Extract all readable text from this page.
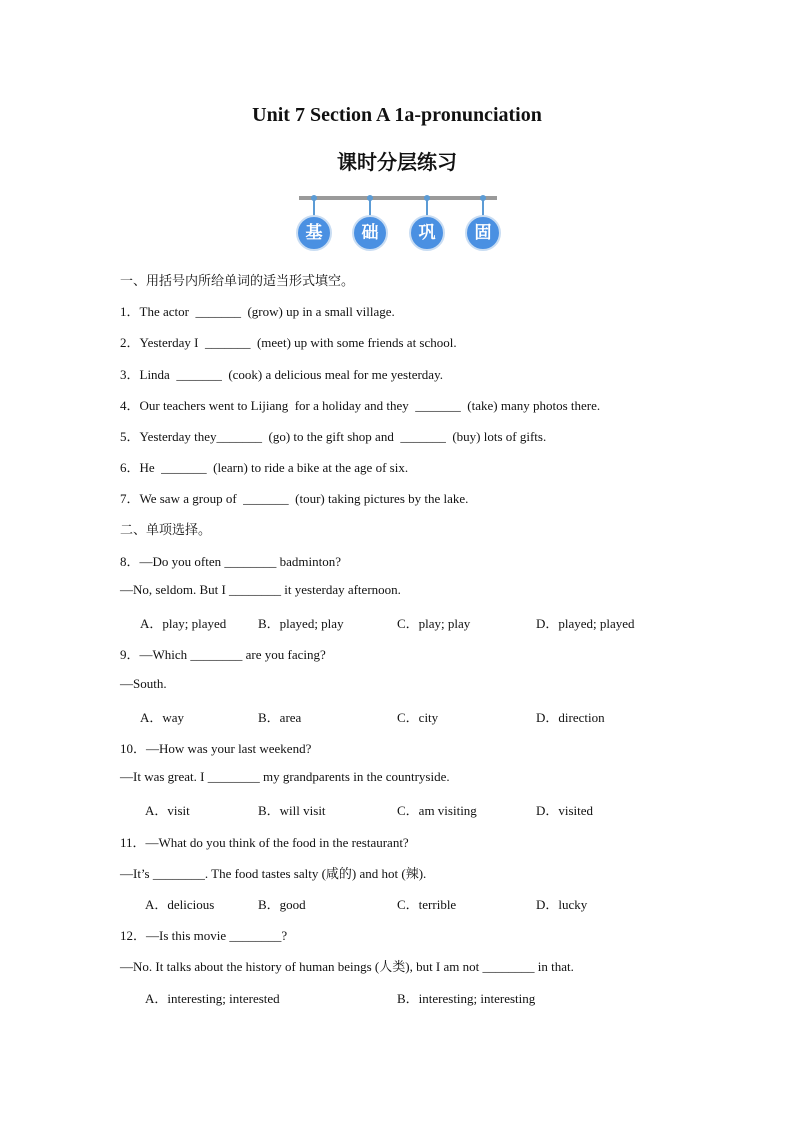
Unit 7 Section A 1a-pronunciation
课时分层练习
基	础	巩	固
一、用括号内所给单词的适当形式填空。
1．The actor  _______  (grow) up in a small village.
2．Yesterday I  _______  (meet) up with some friends at school.
3．Linda  _______  (cook) a delicious meal for me yesterday.
4．Our teachers went to Lijiang  for a holiday and they  _______  (take) many photos there.
5．Yesterday they_______  (go) to the gift shop and  _______  (buy) lots of gifts.
6．He  _______  (learn) to ride a bike at the age of six.
7．We saw a group of  _______  (tour) taking pictures by the lake.
二、单项选择。
8．—Do you often ________ badminton?
—No, seldom. But I ________ it yesterday afternoon.
A．play; played B．played; play	C．play; play	D．played; played
9．—Which ________ are you facing?
—South.
A．way	B．area	C．city	D．direction
10．—How was your last weekend?
—It was great. I ________ my grandparents in the countryside.
A．visit	B．will visit	C．am visiting	D．visited
11．—What do you think of the food in the restaurant?
—It’s ________. The food tastes salty (咸的) and hot (辣).
A．delicious	B．good	C．terrible	D．lucky
12．—Is this movie ________?
—No. It talks about the history of human beings (人类), but I am not ________ in that.
A．interesting; interested	B．interesting; interesting
